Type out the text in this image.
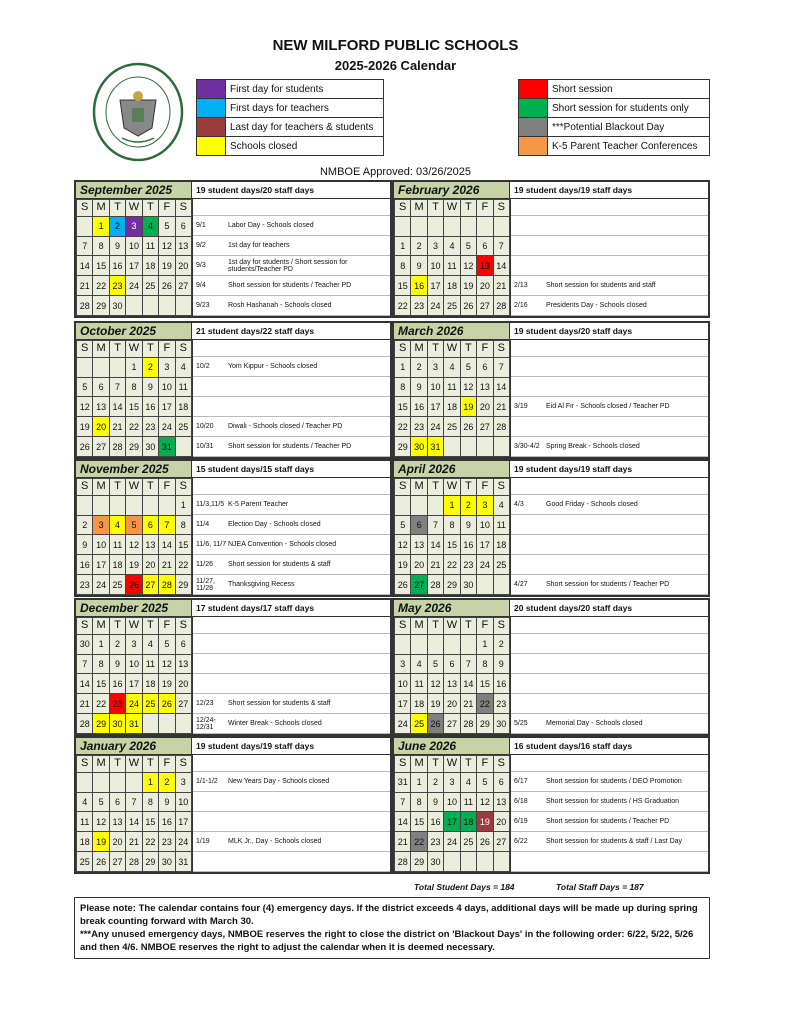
NEW MILFORD PUBLIC SCHOOLS
2025-2026 Calendar
	First day for students
	First days for teachers
	Last day for teachers & students
	Schools closed
	Short session
	Short session for students only
	***Potential Blackout Day
	K-5 Parent Teacher Conferences
NMBOE Approved: 03/26/2025
September 2025	19 student days/20 staff days
S	M	T	W	T	F	S
	1	2	3	4	5	6
7	8	9	10	11	12	13
14	15	16	17	18	19	20
21	22	23	24	25	26	27
28	29	30				
9/1	Labor Day - Schools closed
9/2	1st day for teachers
9/3	1st day for students / Short session for students/Teacher PD
9/4	Short session for students / Teacher PD
9/23	Rosh Hashanah - Schools closed
February 2026	19 student days/19 staff days
S	M	T	W	T	F	S

1	2	3	4	5	6	7
8	9	10	11	12	13	14
15	16	17	18	19	20	21
22	23	24	25	26	27	28
2/13	Short session for students and staff
2/16	Presidents Day - Schools closed
October 2025	21 student days/22 staff days
S	M	T	W	T	F	S
			1	2	3	4
5	6	7	8	9	10	11
12	13	14	15	16	17	18
19	20	21	22	23	24	25
26	27	28	29	30	31	
10/2	Yom Kippur - Schools closed
10/20	Diwali - Schools closed / Teacher PD
10/31	Short session for students / Teacher PD
March 2026	19 student days/20 staff days
S	M	T	W	T	F	S
1	2	3	4	5	6	7
8	9	10	11	12	13	14
15	16	17	18	19	20	21
22	23	24	25	26	27	28
29	30	31				
3/19	Eid Al Fir - Schools closed / Teacher PD
3/30-4/2 Spring Break - Schools closed
November 2025	15 student days/15 staff days
S	M	T	W	T	F	S
						1
2	3	4	5	6	7	8
9	10	11	12	13	14	15
16	17	18	19	20	21	22
23	24	25	26	27	28	29
11/3,11/5 K-5 Parent Teacher
11/4	Election Day - Schools closed
11/6, 11/7 NJEA Convention - Schools closed
11/26	Short session for students & staff
11/27, 11/28	Thanksgiving Recess
April 2026	19 student days/19 staff days
S	M	T	W	T	F	S
			1	2	3	4
5	6	7	8	9	10	11
12	13	14	15	16	17	18
19	20	21	22	23	24	25
26	27	28	29	30		
4/3	Good Friday - Schools closed
4/27	Short session for students / Teacher PD
December 2025	17 student days/17 staff days
S	M	T	W	T	F	S
30	1	2	3	4	5	6
7	8	9	10	11	12	13
14	15	16	17	18	19	20
21	22	23	24	25	26	27
28	29	30	31			
12/23	Short session for students & staff
12/24-12/31	Winter Break - Schools closed
May 2026	20 student days/20 staff days
S	M	T	W	T	F	S
					1	2
3	4	5	6	7	8	9
10	11	12	13	14	15	16
17	18	19	20	21	22	23
24	25	26	27	28	29	30	5/25	Memorial Day - Schools closed
January 2026	19 student days/19 staff days
S	M	T	W	T	F	S
				1	2	3
4	5	6	7	8	9	10
11	12	13	14	15	16	17
18	19	20	21	22	23	24
25	26	27	28	29	30	31
1/1-1/2	New Years Day - Schools closed
1/19	MLK Jr., Day - Schools closed
June 2026	16 student days/16 staff days
S	M	T	W	T	F	S
31	1	2	3	4	5	6
7	8	9	10	11	12	13
14	15	16	17	18	19	20
21	22	23	24	25	26	27
28	29	30				
6/17	Short session for students / DEO Promotion
6/18	Short session for students / HS Graduation
6/19	Short session for students / Teacher PD
6/22	Short session for students & staff / Last Day
Total Student Days = 184	Total Staff Days = 187
Please note: The calendar contains four (4) emergency days. If the district exceeds 4 days, additional days will be made up during spring break counting forward with March 30.
***Any unused emergency days, NMBOE reserves the right to close the district on 'Blackout Days' in the following order: 6/22, 5/22, 5/26 and then 4/6. NMBOE reserves the right to adjust the calendar when it is deemed necessary.
